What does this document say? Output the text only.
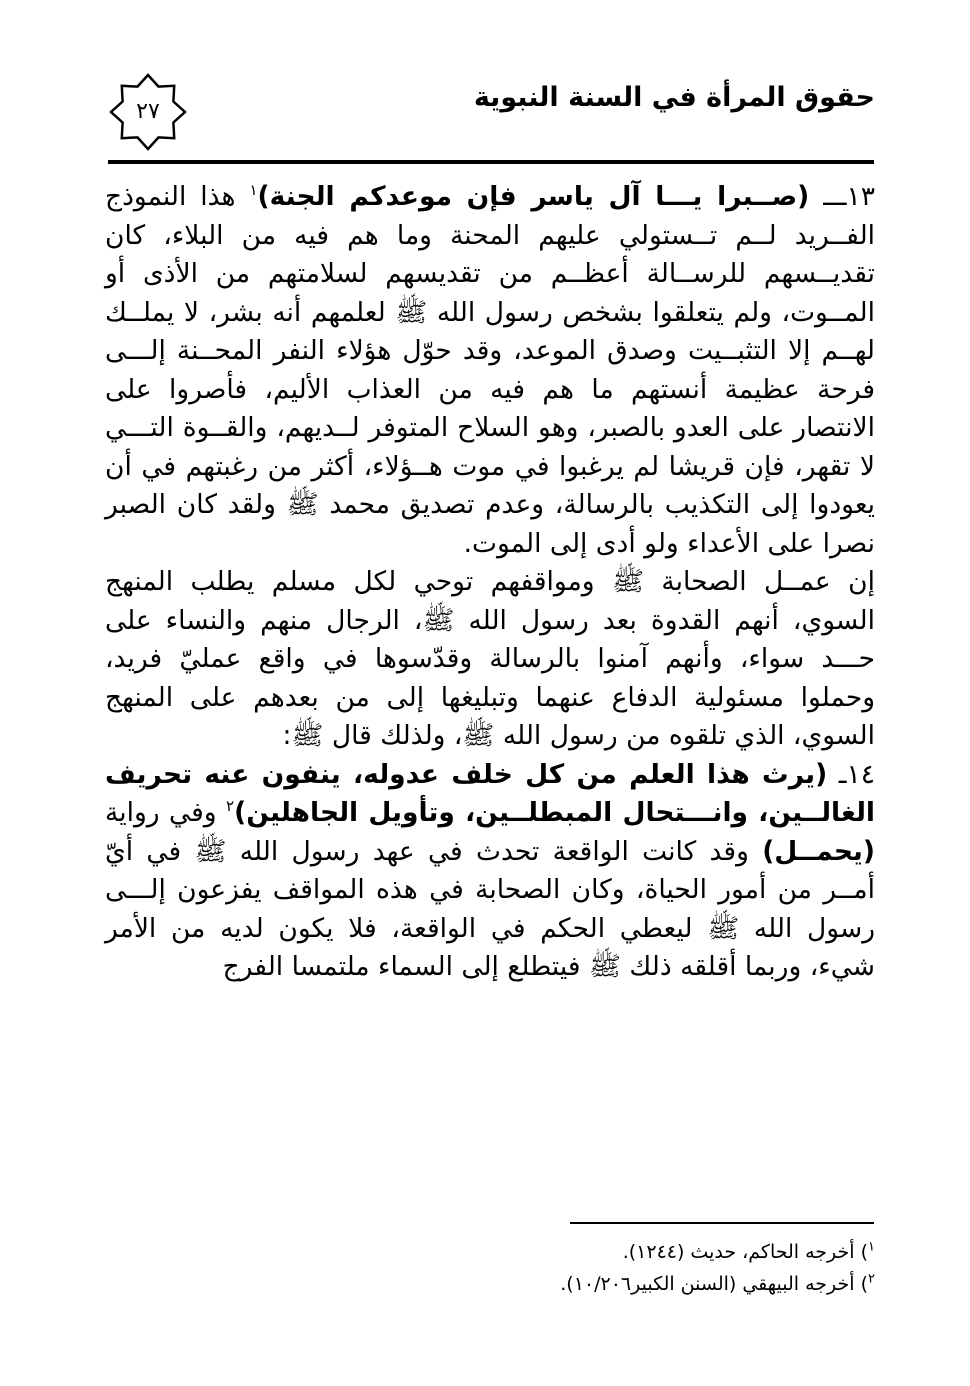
حقوق المرأة في السنة النبوية
٢٧

١٣ـــ (صــبرا يـــا آل ياسر فإن موعدكم الجنة)$^١$ هذا النموذج الفــريد لــم تــستولي عليهم المحنة وما هم فيه من البلاء، كان تقديــسهم للرســالة أعظــم من تقديسهم لسلامتهم من الأذى أو المــوت، ولم يتعلقوا بشخص رسول الله ﷺ لعلمهم أنه بشر، لا يملــك لهــم إلا التثبــيت وصدق الموعد، وقد حوّل هؤلاء النفر المحــنة إلـــى فرحة عظيمة أنستهم ما هم فيه من العذاب الأليم، فأصروا على الانتصار على العدو بالصبر، وهو السلاح المتوفر لــديهم، والقــوة التـــي لا تقهر، فإن قريشا لم يرغبوا في موت هــؤلاء، أكثر من رغبتهم في أن يعودوا إلى التكذيب بالرسالة، وعدم تصديق محمد ﷺ ولقد كان الصبر نصرا على الأعداء ولو أدى إلى الموت.

إن عمــل الصحابة ﷺ ومواقفهم توحي لكل مسلم يطلب المنهج السوي، أنهم القدوة بعد رسول الله ﷺ، الرجال منهم والنساء على حـــد سواء، وأنهم آمنوا بالرسالة وقدّسوها في واقع عمليّ فريد، وحملوا مسئولية الدفاع عنهما وتبليغها إلى من بعدهم على المنهج السوي، الذي تلقوه من رسول الله ﷺ، ولذلك قال ﷺ:

١٤ـ (يرث هذا العلم من كل خلف عدوله، ينفون عنه تحريف الغالــين، وانـــتحال المبطلــين، وتأويل الجاهلين)$^٢$ وفي رواية (يحمــل) وقد كانت الواقعة تحدث في عهد رسول الله ﷺ في أيّ أمــر من أمور الحياة، وكان الصحابة في هذه المواقف يفزعون إلـــى رسول الله ﷺ ليعطي الحكم في الواقعة، فلا يكون لديه من الأمر شيء، وربما أقلقه ذلك ﷺ فيتطلع إلى السماء ملتمسا الفرج

$^١$) أخرجه الحاكم، حديث (١٢٤٤).

$^٢$) أخرجه البيهقي (السنن الكبير١٠/٢٠٦).
